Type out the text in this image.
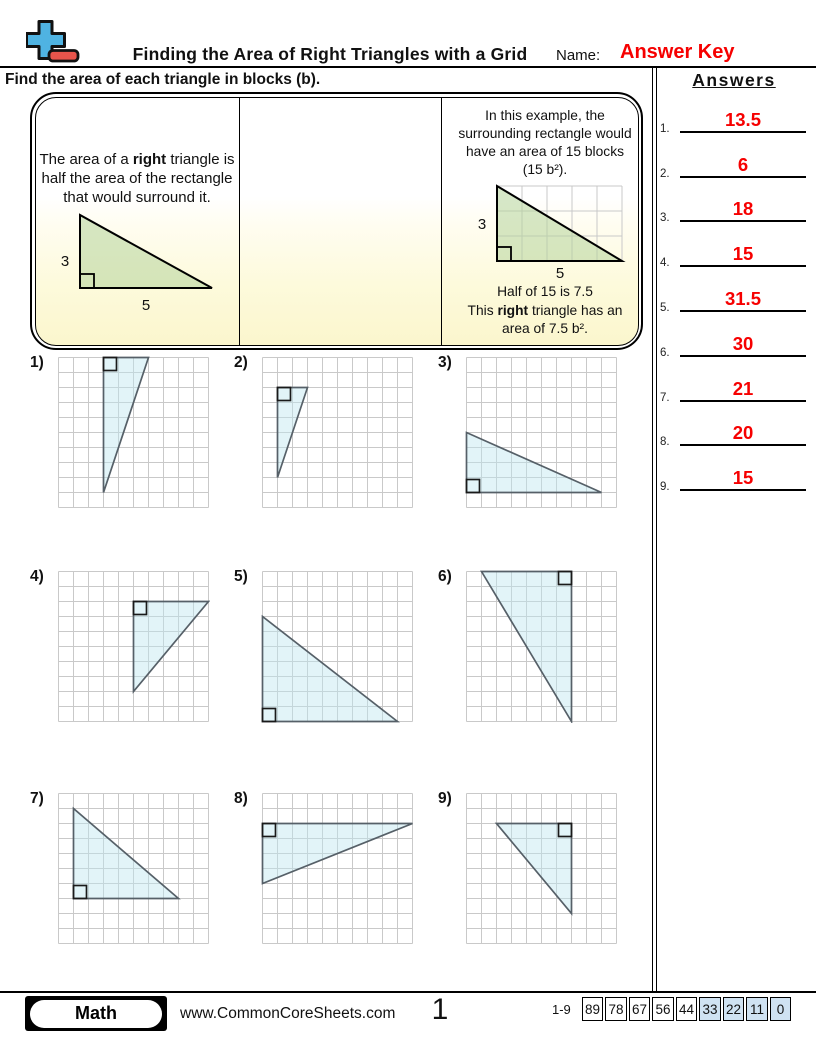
Finding the Area of Right Triangles with a Grid	Name: Answer Key
Find the area of each triangle in blocks (b).
The area of a right triangle is
half the area of the rectangle
that would surround it.
3
5
In this example, the
surrounding rectangle would
have an area of 15 blocks
(15 b²).
3
5
Half of 15 is 7.5
This right triangle has an
area of 7.5 b².
Answers
1.	13.5
2.	6
3.	18
4.	15
5.	31.5
6.	30
7.	21
8.	20
9.	15
1)	2)	3)
4)	5)	6)
7)	8)	9)
Math	www.CommonCoreSheets.com	1	1-9 89 78 67 56 44 33 22 11 0
